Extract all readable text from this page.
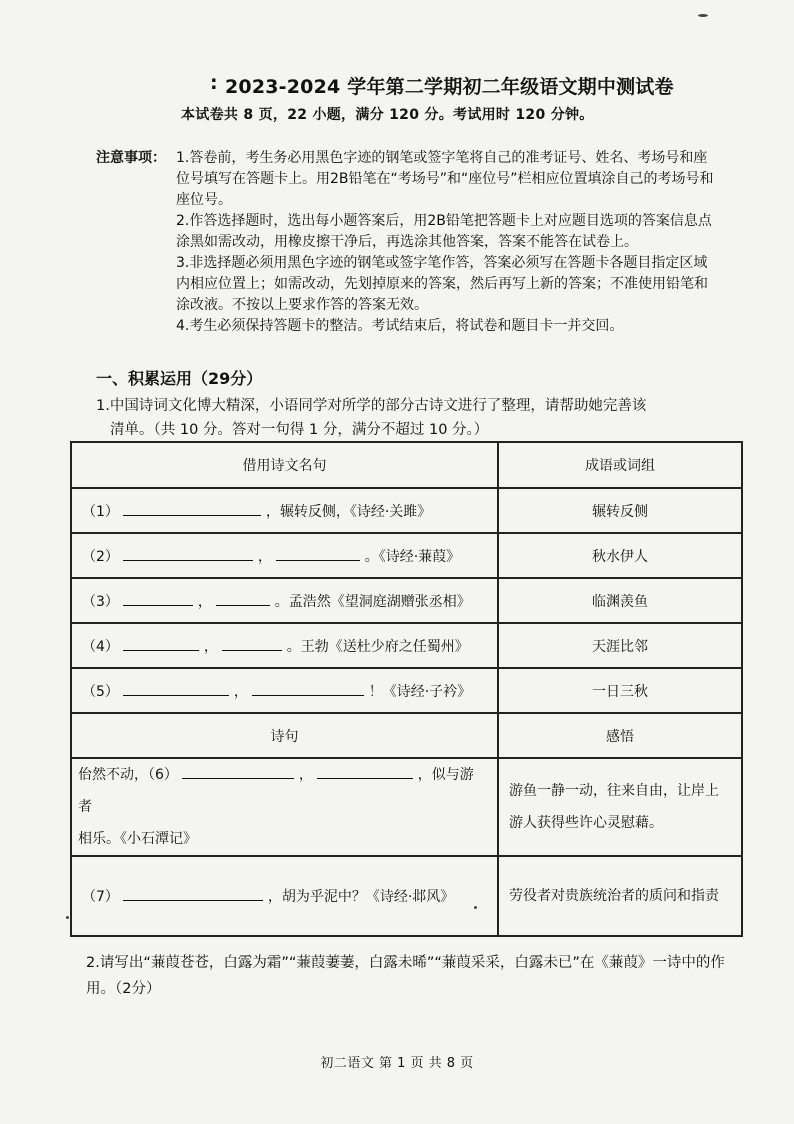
: 2023-2024 学年第二学期初二年级语文期中测试卷
本试卷共 8 页，22 小题，满分 120 分。考试用时 120 分钟。
注意事项： 1.答卷前，考生务必用黑色字迹的钢笔或签字笔将自己的准考证号、姓名、考场号和座位号填写在答题卡上。用2B铅笔在“考场号”和“座位号”栏相应位置填涂自己的考场号和座位号。
2.作答选择题时，选出每小题答案后，用2B铅笔把答题卡上对应题目选项的答案信息点涂黑如需改动，用橡皮擦干净后，再选涂其他答案，答案不能答在试卷上。
3.非选择题必须用黑色字迹的钢笔或签字笔作答，答案必须写在答题卡各题目指定区域内相应位置上；如需改动，先划掉原来的答案，然后再写上新的答案；不准使用铅笔和涂改液。不按以上要求作答的答案无效。
4.考生必须保持答题卡的整洁。考试结束后，将试卷和题目卡一并交回。
一、积累运用（29分）
1.中国诗词文化博大精深，小语同学对所学的部分古诗文进行了整理，请帮助她完善该
清单。（共 10 分。答对一句得 1 分，满分不超过 10 分。）
借用诗文名句	成语或词组
（1） ，辗转反侧，《诗经·关雎》	辗转反侧
（2） ， 。《诗经·蒹葭》	秋水伊人
（3） ， 。孟浩然《望洞庭湖赠张丞相》	临渊羡鱼
（4） ， 。王勃《送杜少府之任蜀州》	天涯比邻
（5） ， ！《诗经·子衿》	一日三秋
诗句	感悟
佁然不动，（6） ， ，似与游者
相乐。《小石潭记》	游鱼一静一动，往来自由，让岸上游人获得些许心灵慰藉。
（7） ，胡为乎泥中？《诗经·邶风》	劳役者对贵族统治者的质问和指责
2.请写出“蒹葭苍苍，白露为霜”“蒹葭萋萋，白露未晞”“蒹葭采采，白露未已”在《蒹葭》一诗中的作用。（2分）
初二语文 第 1 页 共 8 页
